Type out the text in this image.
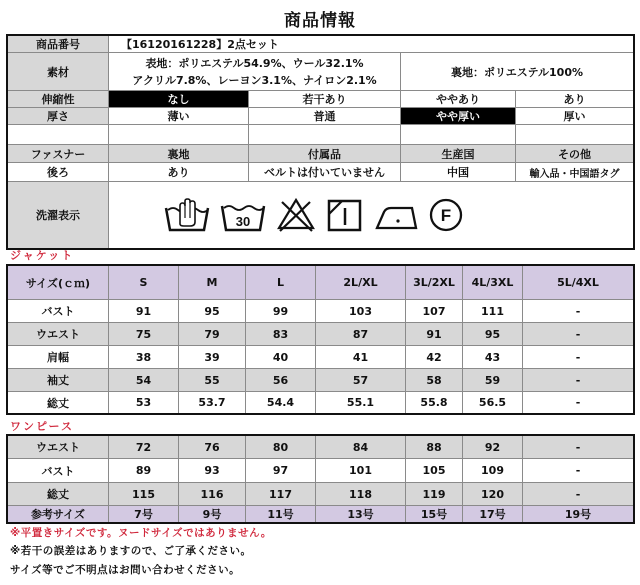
商品情報
商品番号	【16120161228】2点セット			
素材	表地：ポリエステル54.9%、ウール32.1%
アクリル7.8%、レーヨン3.1%、ナイロン2.1%		裏地：ポリエステル100%	
伸縮性	なし	若干あり	ややあり	あり
厚さ	薄い	普通	やや厚い	厚い

ファスナー	裏地	付属品	生産国	その他
後ろ	あり	ベルトは付いていません	中国	輸入品・中国語タグ
洗濯表示	30 F			
ジャケット
サイズ(ｃｍ)	S	M	L	2L/XL	3L/2XL	4L/3XL	5L/4XL
バスト	91	95	99	103	107	111	-
ウエスト	75	79	83	87	91	95	-
肩幅	38	39	40	41	42	43	-
袖丈	54	55	56	57	58	59	-
総丈	53	53.7	54.4	55.1	55.8	56.5	-
ワンピース
ウエスト	72	76	80	84	88	92	-
バスト	89	93	97	101	105	109	-
総丈	115	116	117	118	119	120	-
参考サイズ	7号	9号	11号	13号	15号	17号	19号
※平置きサイズです。ヌードサイズではありません。
※若干の誤差はありますので、ご了承ください。
サイズ等でご不明点はお問い合わせください。
